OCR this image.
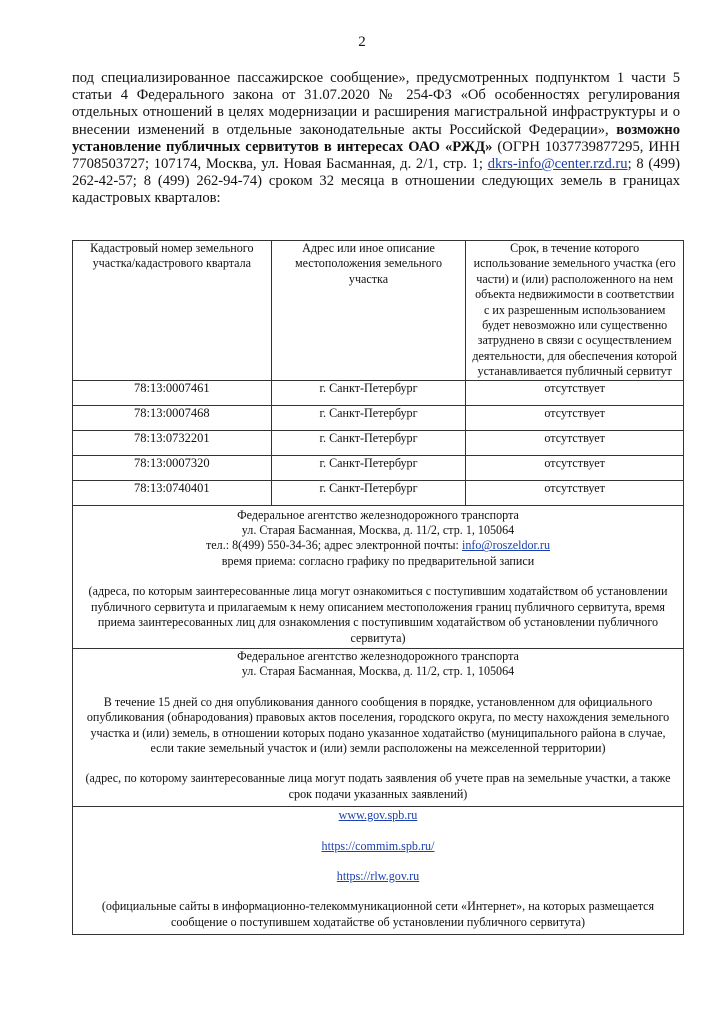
2
под специализированное пассажирское сообщение», предусмотренных подпунктом 1 части 5 статьи 4 Федерального закона от 31.07.2020 № 254-ФЗ «Об особенностях регулирования отдельных отношений в целях модернизации и расширения магистральной инфраструктуры и о внесении изменений в отдельные законодательные акты Российской Федерации», возможно установление публичных сервитутов в интересах ОАО «РЖД» (ОГРН 1037739877295, ИНН 7708503727; 107174, Москва, ул. Новая Басманная, д. 2/1, стр. 1; dkrs-info@center.rzd.ru; 8 (499) 262-42-57; 8 (499) 262-94-74) сроком 32 месяца в отношении следующих земель в границах кадастровых кварталов:
Кадастровый номер земельного участка/кадастрового квартала	Адрес или иное описание местоположения земельного участка	Срок, в течение которого использование земельного участка (его части) и (или) расположенного на нем объекта недвижимости в соответствии с их разрешенным использованием будет невозможно или существенно затруднено в связи с осуществлением деятельности, для обеспечения которой устанавливается публичный сервитут
78:13:0007461	г. Санкт-Петербург	отсутствует
78:13:0007468	г. Санкт-Петербург	отсутствует
78:13:0732201	г. Санкт-Петербург	отсутствует
78:13:0007320	г. Санкт-Петербург	отсутствует
78:13:0740401	г. Санкт-Петербург	отсутствует

Федеральное агентство железнодорожного транспорта
ул. Старая Басманная, Москва, д. 11/2, стр. 1, 105064
тел.: 8(499) 550-34-36; адрес электронной почты: info@roszeldor.ru
время приема: согласно графику по предварительной записи
(адреса, по которым заинтересованные лица могут ознакомиться с поступившим ходатайством об установлении публичного сервитута и прилагаемым к нему описанием местоположения границ публичного сервитута, время приема заинтересованных лиц для ознакомления с поступившим ходатайством об установлении публичного сервитута)		

Федеральное агентство железнодорожного транспорта
ул. Старая Басманная, Москва, д. 11/2, стр. 1, 105064
В течение 15 дней со дня опубликования данного сообщения в порядке, установленном для официального опубликования (обнародования) правовых актов поселения, городского округа, по месту нахождения земельного участка и (или) земель, в отношении которых подано указанное ходатайство (муниципального района в случае, если такие земельный участок и (или) земли расположены на межселенной территории)
(адрес, по которому заинтересованные лица могут подать заявления об учете прав на земельные участки, а также срок подачи указанных заявлений)		

www.gov.spb.ru
https://commim.spb.ru/
https://rlw.gov.ru
(официальные сайты в информационно-телекоммуникационной сети «Интернет», на которых размещается сообщение о поступившем ходатайстве об установлении публичного сервитута)		
